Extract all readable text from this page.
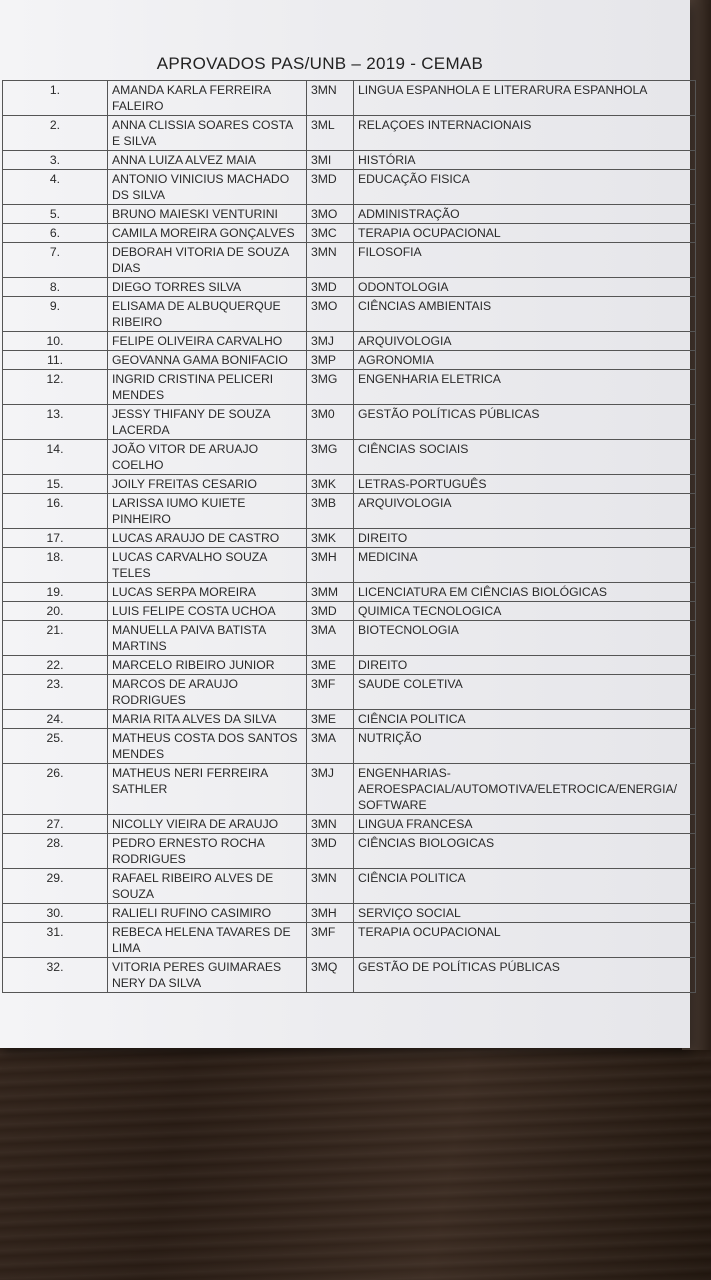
APROVADOS PAS/UNB – 2019 - CEMAB
1.	AMANDA KARLA FERREIRA FALEIRO	3MN	LINGUA ESPANHOLA E LITERARURA ESPANHOLA
2.	ANNA CLISSIA SOARES COSTA E SILVA	3ML	RELAÇOES INTERNACIONAIS
3.	ANNA LUIZA ALVEZ MAIA	3MI	HISTÓRIA
4.	ANTONIO VINICIUS MACHADO DS SILVA	3MD	EDUCAÇÃO FISICA
5.	BRUNO MAIESKI VENTURINI	3MO	ADMINISTRAÇÃO
6.	CAMILA MOREIRA GONÇALVES	3MC	TERAPIA OCUPACIONAL
7.	DEBORAH VITORIA DE SOUZA DIAS	3MN	FILOSOFIA
8.	DIEGO TORRES SILVA	3MD	ODONTOLOGIA
9.	ELISAMA DE ALBUQUERQUE RIBEIRO	3MO	CIÊNCIAS AMBIENTAIS
10.	FELIPE OLIVEIRA CARVALHO	3MJ	ARQUIVOLOGIA
11.	GEOVANNA GAMA BONIFACIO	3MP	AGRONOMIA
12.	INGRID CRISTINA PELICERI MENDES	3MG	ENGENHARIA ELETRICA
13.	JESSY THIFANY DE SOUZA LACERDA	3M0	GESTÃO POLÍTICAS PÚBLICAS
14.	JOÃO VITOR DE ARUAJO COELHO	3MG	CIÊNCIAS SOCIAIS
15.	JOILY FREITAS CESARIO	3MK	LETRAS-PORTUGUÊS
16.	LARISSA IUMO KUIETE PINHEIRO	3MB	ARQUIVOLOGIA
17.	LUCAS ARAUJO DE CASTRO	3MK	DIREITO
18.	LUCAS CARVALHO SOUZA TELES	3MH	MEDICINA
19.	LUCAS SERPA MOREIRA	3MM	LICENCIATURA EM CIÊNCIAS BIOLÓGICAS
20.	LUIS FELIPE COSTA UCHOA	3MD	QUIMICA TECNOLOGICA
21.	MANUELLA PAIVA BATISTA MARTINS	3MA	BIOTECNOLOGIA
22.	MARCELO RIBEIRO JUNIOR	3ME	DIREITO
23.	MARCOS DE ARAUJO RODRIGUES	3MF	SAUDE COLETIVA
24.	MARIA RITA ALVES DA SILVA	3ME	CIÊNCIA POLITICA
25.	MATHEUS COSTA DOS SANTOS MENDES	3MA	NUTRIÇÃO
26.	MATHEUS NERI FERREIRA SATHLER	3MJ	ENGENHARIAS-AEROESPACIAL/AUTOMOTIVA/ELETROCICA/ENERGIA/ SOFTWARE
27.	NICOLLY VIEIRA DE ARAUJO	3MN	LINGUA FRANCESA
28.	PEDRO ERNESTO ROCHA RODRIGUES	3MD	CIÊNCIAS BIOLOGICAS
29.	RAFAEL RIBEIRO ALVES DE SOUZA	3MN	CIÊNCIA POLITICA
30.	RALIELI RUFINO CASIMIRO	3MH	SERVIÇO SOCIAL
31.	REBECA HELENA TAVARES DE LIMA	3MF	TERAPIA OCUPACIONAL
32.	VITORIA PERES GUIMARAES NERY DA SILVA	3MQ	GESTÃO DE POLÍTICAS PÚBLICAS
